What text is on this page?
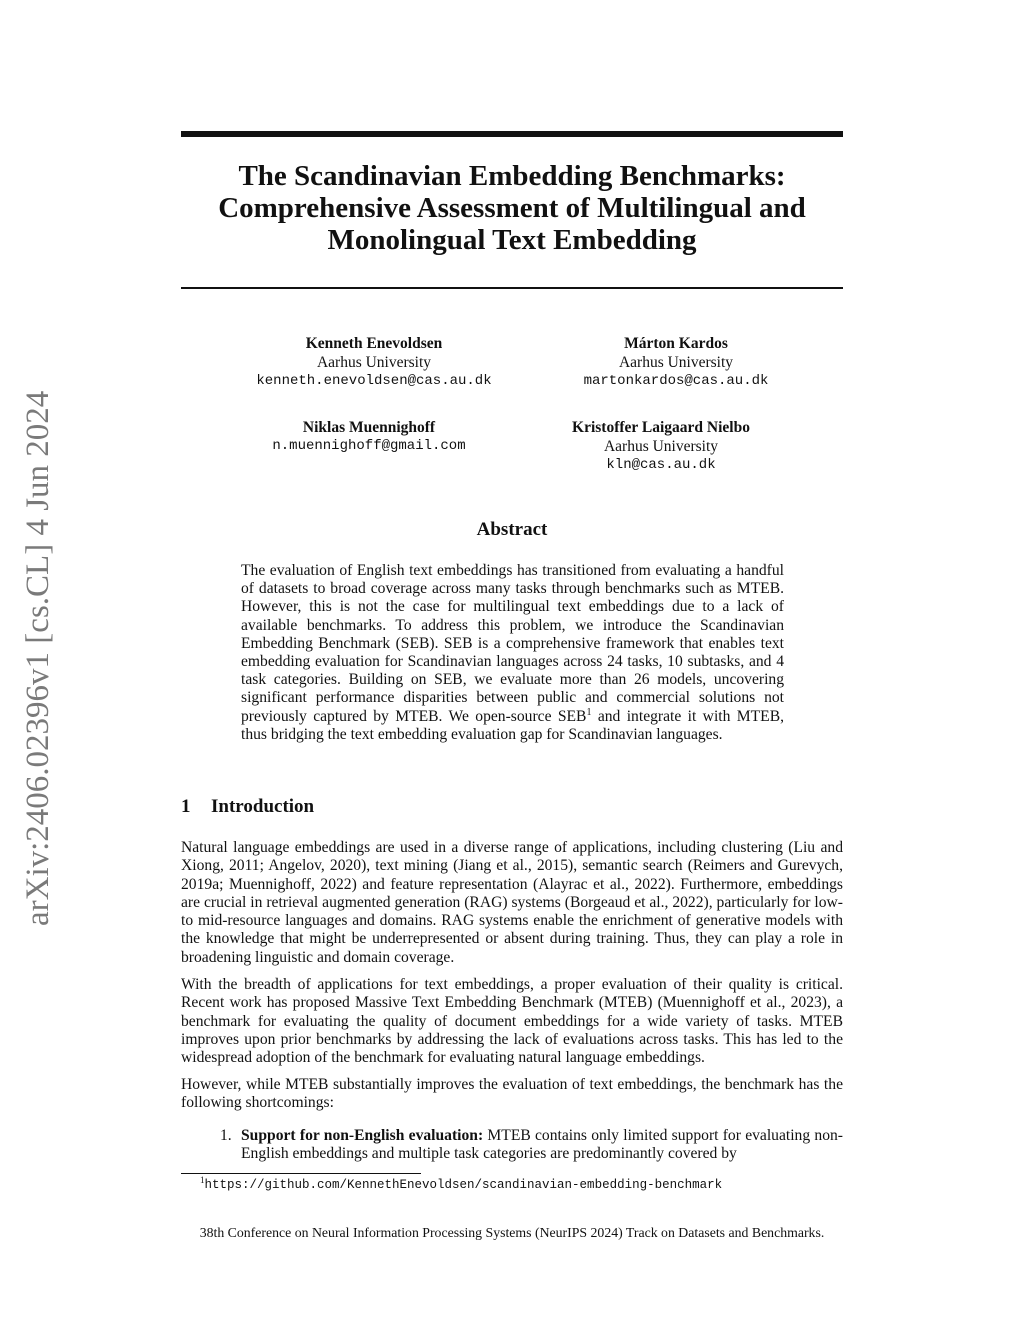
arXiv:2406.02396v1 [cs.CL] 4 Jun 2024
The Scandinavian Embedding Benchmarks:
Comprehensive Assessment of Multilingual and
Monolingual Text Embedding
Kenneth Enevoldsen
Aarhus University
kenneth.enevoldsen@cas.au.dk
Márton Kardos
Aarhus University
martonkardos@cas.au.dk
Niklas Muennighoff
n.muennighoff@gmail.com
Kristoffer Laigaard Nielbo
Aarhus University
kln@cas.au.dk
Abstract
The evaluation of English text embeddings has transitioned from evaluating a handful of datasets to broad coverage across many tasks through benchmarks such as MTEB. However, this is not the case for multilingual text embeddings due to a lack of available benchmarks. To address this problem, we introduce the Scandinavian Embedding Benchmark (SEB). SEB is a comprehensive framework that enables text embedding evaluation for Scandinavian languages across 24 tasks, 10 subtasks, and 4 task categories. Building on SEB, we evaluate more than 26 models, uncovering significant performance disparities between public and commercial solutions not previously captured by MTEB. We open-source SEB$^1$ and integrate it with MTEB, thus bridging the text embedding evaluation gap for Scandinavian languages.
1 Introduction
Natural language embeddings are used in a diverse range of applications, including clustering (Liu and Xiong, 2011; Angelov, 2020), text mining (Jiang et al., 2015), semantic search (Reimers and Gurevych, 2019a; Muennighoff, 2022) and feature representation (Alayrac et al., 2022). Furthermore, embeddings are crucial in retrieval augmented generation (RAG) systems (Borgeaud et al., 2022), particularly for low- to mid-resource languages and domains. RAG systems enable the enrichment of generative models with the knowledge that might be underrepresented or absent during training. Thus, they can play a role in broadening linguistic and domain coverage.
With the breadth of applications for text embeddings, a proper evaluation of their quality is critical. Recent work has proposed Massive Text Embedding Benchmark (MTEB) (Muennighoff et al., 2023), a benchmark for evaluating the quality of document embeddings for a wide variety of tasks. MTEB improves upon prior benchmarks by addressing the lack of evaluations across tasks. This has led to the widespread adoption of the benchmark for evaluating natural language embeddings.
However, while MTEB substantially improves the evaluation of text embeddings, the benchmark has the following shortcomings:
1. Support for non-English evaluation: MTEB contains only limited support for evaluating non-English embeddings and multiple task categories are predominantly covered by
$^1$https://github.com/KennethEnevoldsen/scandinavian-embedding-benchmark
38th Conference on Neural Information Processing Systems (NeurIPS 2024) Track on Datasets and Benchmarks.
